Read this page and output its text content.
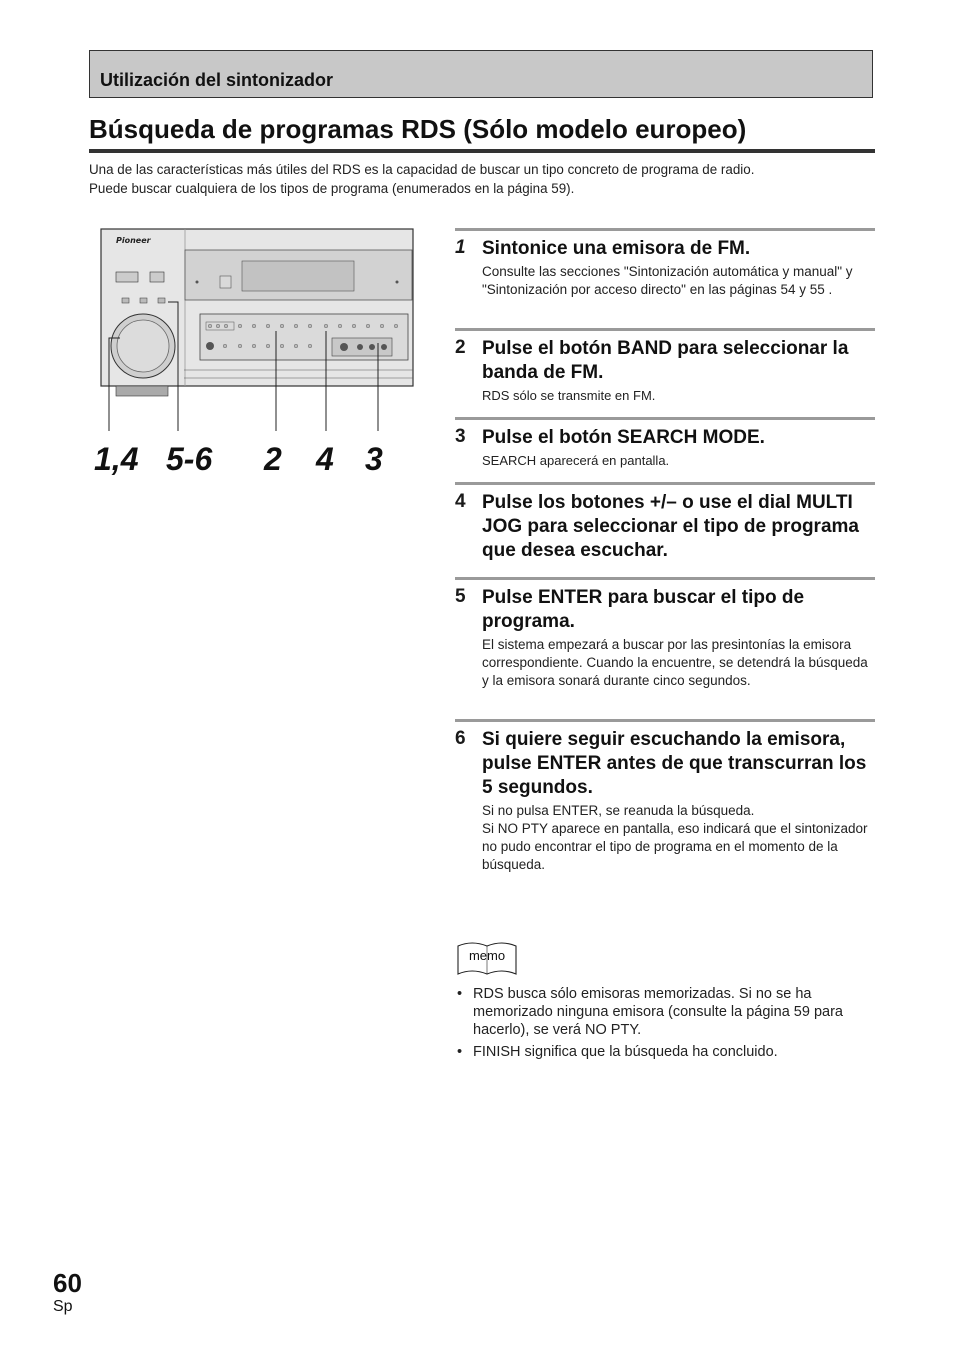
Utilización del sintonizador
Búsqueda de programas RDS (Sólo modelo europeo)

Una de las características más útiles del RDS es la capacidad de buscar un tipo concreto de programa de radio.

Puede buscar cualquiera de los tipos de programa (enumerados en la página 59).

Pioneer
1,4 5-6 2 4 3
1 Sintonice una emisora de FM.

Consulte las secciones "Sintonización automática y manual" y "Sintonización por acceso directo" en las páginas 54 y 55 .

2 Pulse el botón BAND para seleccionar la banda de FM.

RDS sólo se transmite en FM.

3 Pulse el botón SEARCH MODE.

SEARCH aparecerá en pantalla.

4 Pulse los botones +/– o use el dial MULTI JOG para seleccionar el tipo de programa que desea escuchar.
5 Pulse ENTER para buscar el tipo de programa.

El sistema empezará a buscar por las presintonías la emisora correspondiente. Cuando la encuentre, se detendrá la búsqueda y la emisora sonará durante cinco segundos.

6 Si quiere seguir escuchando la emisora, pulse ENTER antes de que transcurran los 5 segundos.

Si no pulsa ENTER, se reanuda la búsqueda.

Si NO PTY aparece en pantalla, eso indicará que el sintonizador no pudo encontrar el tipo de programa en el momento de la búsqueda.

memo
• RDS busca sólo emisoras memorizadas. Si no se ha memorizado ninguna emisora (consulte la página 59 para hacerlo), se verá NO PTY.
• FINISH significa que la búsqueda ha concluido.
60
Sp
